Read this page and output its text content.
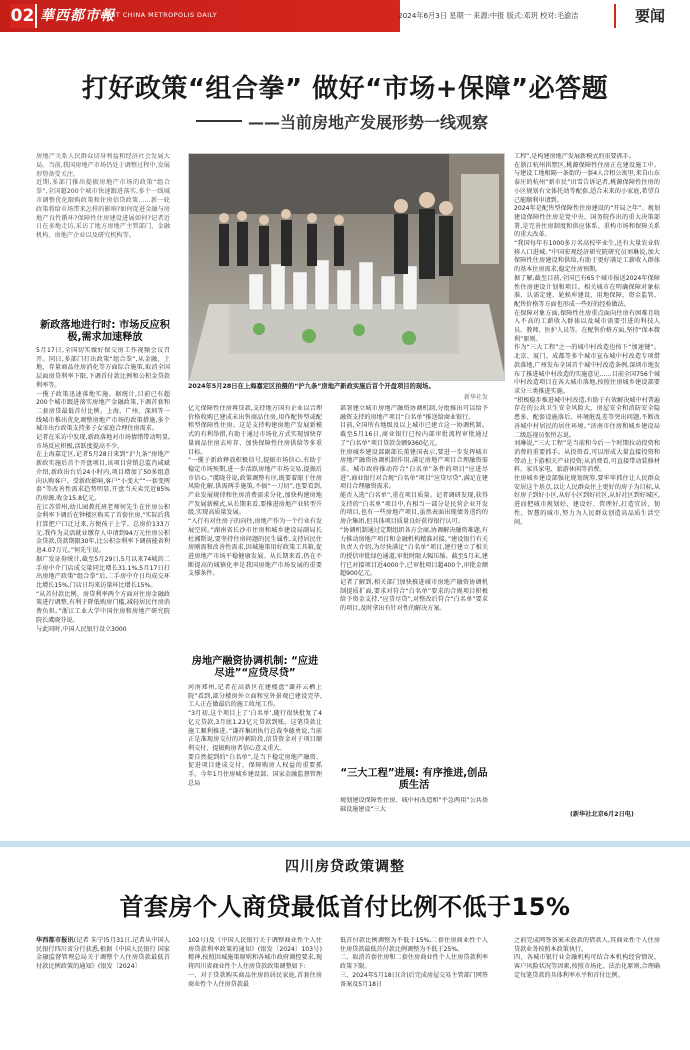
02 華西都市報
WEST CHINA METROPOLIS DAILY	2024年6月3日 星期一 来源:中报 版式:邓玥 校对:毛渝洁	要闻
打好政策“组合拳” 做好“市场+保障”必答题
——当前房地产发展形势一线观察
房地产关系人民群众切身利益和经济社会发展大局。当前,我国房地产市场仍处于调整过程中,发展形势备受关注。
近期,多部门推出提振房地产市场的政策“组合拳”,全国超200个城市快速跟进落实,多个一线城市调整优化限购政策和住房信贷政策……新一轮政策将给市场带来怎样的影响?如何促进金融与房地产良性循环?保障性住房建设进展如何?记者近日在多地走访,采访了地方房地产主管部门、金融机构、房地产企业以及研究机构等。
2024年5月28日在上海嘉定区拍摄的“沪九条”房地产新政实施后首个开盘项目的现场。
新华社发
新政落地进行时: 市场反应积极,需求加速释放
5月17日,全国切实做好保交房工作视频会议召开。同日,多部门打出政策“组合拳”,从金融、土地、存量商品住房消化等方面综合施策,取消全国层面房贷利率下限,下调首付款比例和公积金贷款利率等。
一揽子政策迅速落地实施。据统计,目前已有超200个城市跟进落实房地产金融政策,下调首套和二套房贷最低首付比例。上海、广州、深圳等一线城市推出优化调整房地产市场的政策措施,多个城市出台政策支持多子女家庭合理住房需求。
记者在采访中发现,新政落地对市场情绪带动明显,市场反应积极,活跃度提高不少。
在上海嘉定区,记者5月28日来到“沪九条”房地产新政实施后首个开盘项目,该项目营销总监肖咸斌介绍,新政出台后24小时内,项目增加了50多组意向认购客户。受新政影响,客户“小变大”“一套变两套”等改善性需求趋势明显,开盘当天卖完近85%的房源,收金15.8亿元。
在江苏常州,幼儿园教托班老师何先生在住房公积金利率下调后在钟楼区购买了首套住房,“实际后我打算把户口迁过来,方便孩子上学。总房价133万元,我作为灵活就业缴存人申请到94万元住房公积金贷款,贷款期限30年,比公积金利率下调前能省利息4.07万元。”何先生说。
据广发证券统计,截至5月29日,5月以来74城的二手房中介门店成交量同比增长31.1%,5月17日打出房地产政策“组合拳”后,二手房中介日均成交环比增长15%,门店日均来访量环比增长15%。
“从首付款比例、房贷利率两个方面对住房金融政策进行调整,有利于降低购房门槛,减轻居民住房消费负担。”浙江工业大学中国住房和房地产研究院院长虞晓芬说。
与此同时,中国人民银行设立3000
亿元保障性住房再贷款,支持地方国有企业以合理价格收购已建成未出售商品住房,用作配售型或配租型保障性住房。这是支持构建房地产发展新模式的有利举措,有助于通过市场化方式实现加快存量商品住房去库存、加快保障性住房供给等多重目标。
“一揽子新政释放积极信号,提振市场信心,有助于稳定市场预期,进一步活跃房地产市场交易,提振后市信心。”虞晓芬说,政策调整有序,既要着眼于住房风险化解,供需两手施策,不搞“一刀切”,也要看到,产业发展规律和住房消费需求分化,加快构建房地产发展新模式,从长期来看,要推进房地产业转型升级,实现高质量发展。
“入行有对住房子的向往,房地产作为一个行业有发展空间。”湖南省长沙市住房和城乡建设局副局长杜湘斯说,要坚持住房问题的民生属性,支持居民住房刚需和改善性需求,因城施策用好政策工具箱,促进房地产市场平稳健康发展。从长期来看,仍在不断提高的城镇化率是我国房地产市场发展的重要支撑条件。
房地产融资协调机制: “应进尽进”“应贷尽贷”
河南郑州,记者在高新区在建楼盘“谦祥云栖上院”看到,部分楼房外立面和室外景观已建设完毕,工人正在做最后的施工收尾工作。
“3月初,这个项目上了‘白名单’,随行很快批复了4亿元贷款,3月底1.23亿元贷款到账。这笔贷款让施工顺利推进。”谦祥集团执行总裁李德勇说,当前正是准现房交付的冲刺阶段,信贷资金对于项目顺利交付、提振购房者信心意义重大。
要自然提到的“白名单”,是当下稳定房地产融资、促进项目建成交付、保障购房人权益的重要抓手。今年1月住房城乡建设部、国家金融监督管理总局
部署建立城市房地产融资协调机制,分批推出可以给予融资支持的房地产项目“白名单”推送给商业银行。
目前,全国所有地级及以上城市已建立这一协调机制。截至5月16日,商业银行已按内部审批流程审批通过了“白名单”项目贷款金额9360亿元。
住房城乡建设部副部长董建国表示,要进一步发挥城市房地产融资协调机制作用,满足房地产项目合理融资需求。城市政府推动符合“白名单”条件的项目“应进尽进”,商业银行对合规“白名单”项目“应贷尽贷”,满足在建项目合理融资需求。
能否入选“白名单”,重在项目质量。记者调研发现,获得支持的“白名单”项目中,有相当一部分是民营企业开发的项目,也有一些房地产项目,虽然表面出现债务违约的房企集团,但具体项目质量良好获得银行认可。
“协调机制通过定期组织各方会商,协调解决融资难题,有力推动房地产项目和金融机构精准对接。”建设银行有关负责人介绍,为尽快满足“白名单”项目,建行建立了相关的授信审批绿色通道,审批时限大幅压缩。截至5月末,建行已对接项目近4000个,已审批项目超400个,审批金额超900亿元。
记者了解到,相关部门加快推进城市房地产融资协调机制提质扩面,要求对符合“白名单”要求的合规项目积极给予资金支持,“应贷尽贷”,对整改后符合“白名单”要求的项目,及时拿出有针对性的解决方案。
“三大工程”进展: 有序推进,创品质生活
规划建设保障性住房、城中村改造和“平急两用”公共基础设施建设“三大
工程”,是构建房地产发展新模式的重要抓手。
在浙江杭州拱墅区,桃源保障性住房正在建设施工中。与建设工地相隔一条街的一套4人合租公寓里,来自山东泰庄的杭州“新市民”田雪告诉记者,桃源保障性住房的小区规划有文体托幼等配套,适合未来的小家庭,希望自己能顺利申请到。
2024年是配售型保障性住房建设的“开局之年”。规划建设保障性住房是党中央、国务院作出的重大决策部署,是完善住房制度和供应体系、重构市场和保障关系的重大改革。
“我国每年有1000多万名高校毕业生,还有大量农业转移人口进城。”中国宏观经济研究院研究员刘琳说,加大保障性住房建设和供给,有助于更好满足工薪收入群体的基本住房需求,稳定住房预期。
据了解,截至目前,全国已有65个城市报送2024年保障性住房建设计划和项目。相关城市在明确保障对象标准、认需定建、轮候库建设、用地保障、资金监管、配售价格等方面也形成一些好的经验做法。
在保障对象方面,保障性住房重点面向住房有困难且收入不高的工薪收入群体以及城市需要引进的科技人员、教师、医护人员等。在配售价格方面,坚持“保本微利”原则。
作为“三大工程”之一的城中村改造也按下“加速键”。北京、厦门、成都等多个城市宣布城中村改造专项借款落地,广州发布全国首个城中村改造条例,深圳市地发布了推进城中村改造的实施意见……目前全国756个城中村改造项目在各大城市落地,按照住房城乡建设部要求分三类推进实施。
“积极稳步推进城中村改造,有助于有效解决城中村普遍存在的公共卫生安全风险大、房屋安全和消防安全隐患多、配套设施落后、环境脏乱差等突出问题,不断改善城中村居民的居住环境。”济南市住房和城乡建设局二级巡视员张恒志说。
刘琳说,“三大工程”是当前和今后一个时期拉动投资和消费的重要抓手。从投资看,可以形成大量直接投资和带动上下游相关产业投资;从消费看,可直接带动装修材料、家具家电、旅游休闲等消费。
住房城乡建设部强化规划统筹,要牢牢抓住让人民群众安居这个基点,以让人民群众住上更好的房子为目标,从好房子到好小区,从好小区到好社区,从好社区到好城区,进而把城市规划好、建设好、管理好,打造宜居、韧性、智慧的城市,努力为人民群众创造高品质生活空间。
(新华社北京6月2日电)
四川房贷政策调整
首套房个人商贷最低首付比例不低于15%
华西都市报讯(记者 朱宁)5月31日,记者从中国人民银行四川省分行获悉,根据《中国人民银行 国家金融监督管理总局关于调整个人住房贷款最低首付款比例政策的通知》(银发〔2024〕
102号)及《中国人民银行关于调整商业性个人住房贷款利率政策的通知》(银发〔2024〕103号)精神,按照因城施策原则和各城市政府调控要求,现将四川省商业性个人住房贷款政策调整如下:
一、对于贷款购买商品住房的居民家庭,首套住房商业性个人住房贷款最
低首付款比例调整为不低于15%,二套住房商业性个人住房贷款最低首付款比例调整为不低于25%。
二、取消首套住房和二套住房商业性个人住房贷款利率政策下限。
三、2024年5月18日(含)后完成房屋交易主管部门网签备案及5月18日
之前完成网签备案未放款的借款人,其商业性个人住房贷款业务按照本政策执行。
四、各城市银行业金融机构可结合本机构经营情况、客户风险状况等因素,按照市场化、法治化原则,合理确定每笔贷款的具体利率水平和首付比例。
